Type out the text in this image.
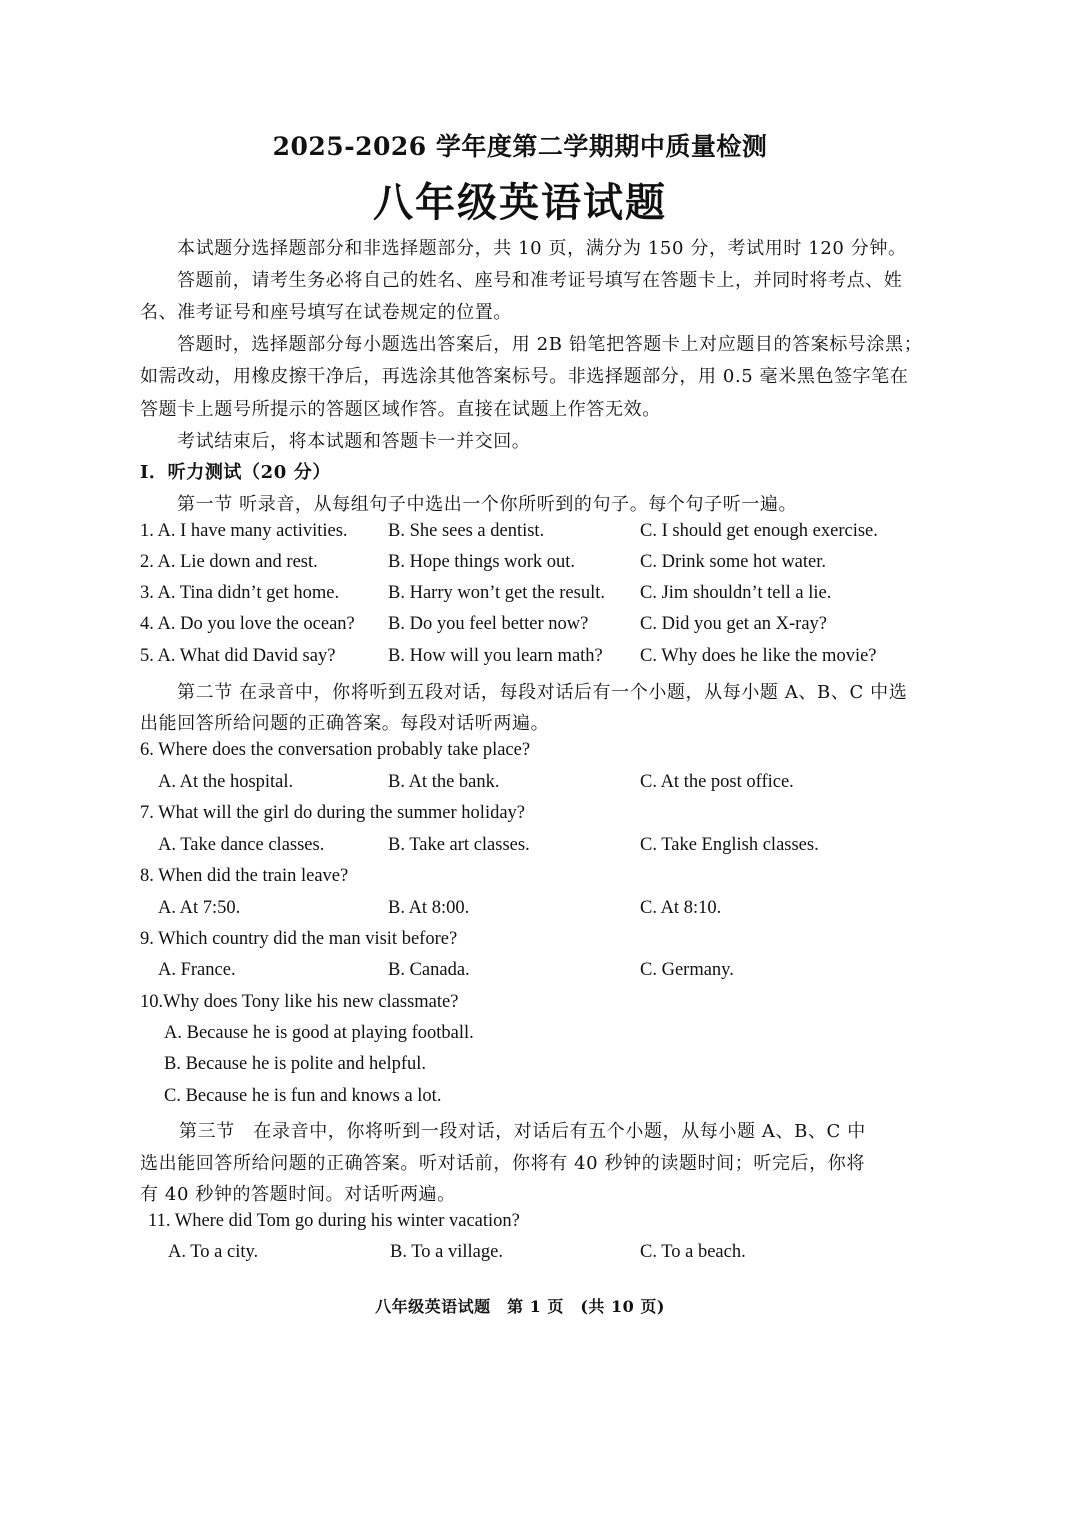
2025-2026 学年度第二学期期中质量检测
八年级英语试题
本试题分选择题部分和非选择题部分，共 10 页，满分为 150 分，考试用时 120 分钟。
答题前，请考生务必将自己的姓名、座号和准考证号填写在答题卡上，并同时将考点、姓
名、准考证号和座号填写在试卷规定的位置。
答题时，选择题部分每小题选出答案后，用 2B 铅笔把答题卡上对应题目的答案标号涂黑；
如需改动，用橡皮擦干净后，再选涂其他答案标号。非选择题部分，用 0.5 毫米黑色签字笔在
答题卡上题号所提示的答题区域作答。直接在试题上作答无效。
考试结束后，将本试题和答题卡一并交回。
I．听力测试（20 分）
第一节 听录音，从每组句子中选出一个你所听到的句子。每个句子听一遍。
1. A. I have many activities. B. She sees a dentist.	C. I should get enough exercise.
2. A. Lie down and rest.	B. Hope things work out.	C. Drink some hot water.
3. A. Tina didn’t get home.	B. Harry won’t get the result. C. Jim shouldn’t tell a lie.
4. A. Do you love the ocean? B. Do you feel better now?	C. Did you get an X-ray?
5. A. What did David say?	B. How will you learn math? C. Why does he like the movie?
第二节 在录音中，你将听到五段对话，每段对话后有一个小题，从每小题 A、B、C 中选
出能回答所给问题的正确答案。每段对话听两遍。
6. Where does the conversation probably take place?
A. At the hospital.	B. At the bank.	C. At the post office.
7. What will the girl do during the summer holiday?
A. Take dance classes.	B. Take art classes.	C. Take English classes.
8. When did the train leave?
A. At 7:50.	B. At 8:00.	C. At 8:10.
9. Which country did the man visit before?
A. France.	B. Canada.	C. Germany.
10.Why does Tony like his new classmate?
A. Because he is good at playing football.
B. Because he is polite and helpful.
C. Because he is fun and knows a lot.
第三节　在录音中，你将听到一段对话，对话后有五个小题，从每小题 A、B、C 中
选出能回答所给问题的正确答案。听对话前，你将有 40 秒钟的读题时间；听完后，你将
有 40 秒钟的答题时间。对话听两遍。
11. Where did Tom go during his winter vacation?
A. To a city.	B. To a village.	C. To a beach.
八年级英语试题　第 1 页　(共 10 页)
